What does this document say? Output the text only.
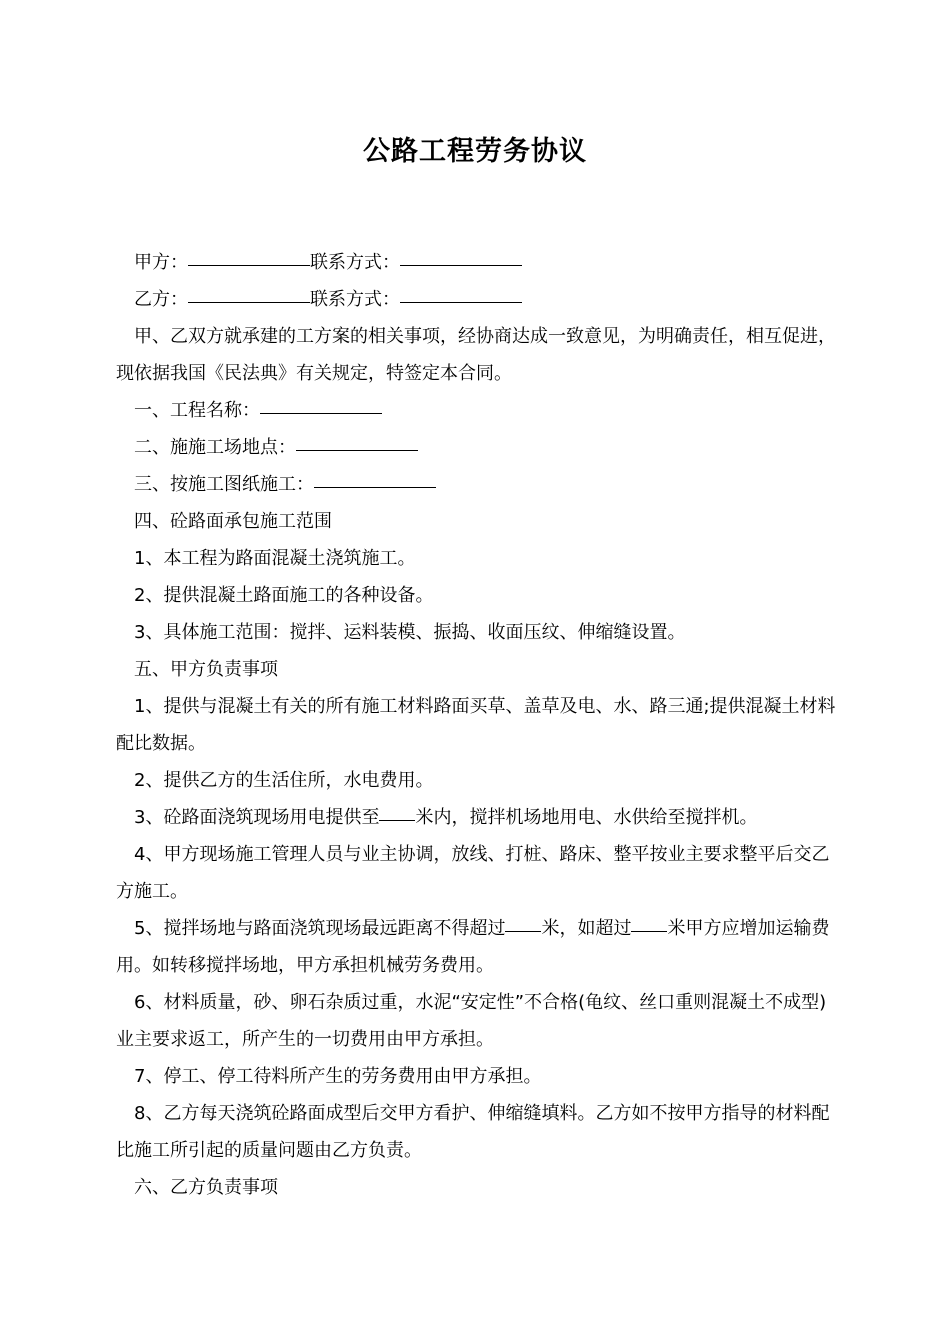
公路工程劳务协议

甲方：	联系方式：

乙方：	联系方式：

甲、乙双方就承建的工方案的相关事项，经协商达成一致意见，为明确责任，相互促进，现依据我国《民法典》有关规定，特签定本合同。

一、工程名称：

二、施施工场地点：

三、按施工图纸施工：

四、砼路面承包施工范围

1、本工程为路面混凝土浇筑施工。

2、提供混凝土路面施工的各种设备。

3、具体施工范围：搅拌、运料装模、振捣、收面压纹、伸缩缝设置。

五、甲方负责事项

1、提供与混凝土有关的所有施工材料路面买草、盖草及电、水、路三通;提供混凝土材料配比数据。

2、提供乙方的生活住所，水电费用。

3、砼路面浇筑现场用电提供至 米内，搅拌机场地用电、水供给至搅拌机。

4、甲方现场施工管理人员与业主协调，放线、打桩、路床、整平按业主要求整平后交乙方施工。

5、搅拌场地与路面浇筑现场最远距离不得超过 米，如超过 米甲方应增加运输费用。如转移搅拌场地，甲方承担机械劳务费用。

6、材料质量，砂、卵石杂质过重，水泥“安定性”不合格(龟纹、丝口重则混凝土不成型)业主要求返工，所产生的一切费用由甲方承担。

7、停工、停工待料所产生的劳务费用由甲方承担。

8、乙方每天浇筑砼路面成型后交甲方看护、伸缩缝填料。乙方如不按甲方指导的材料配比施工所引起的质量问题由乙方负责。

六、乙方负责事项
